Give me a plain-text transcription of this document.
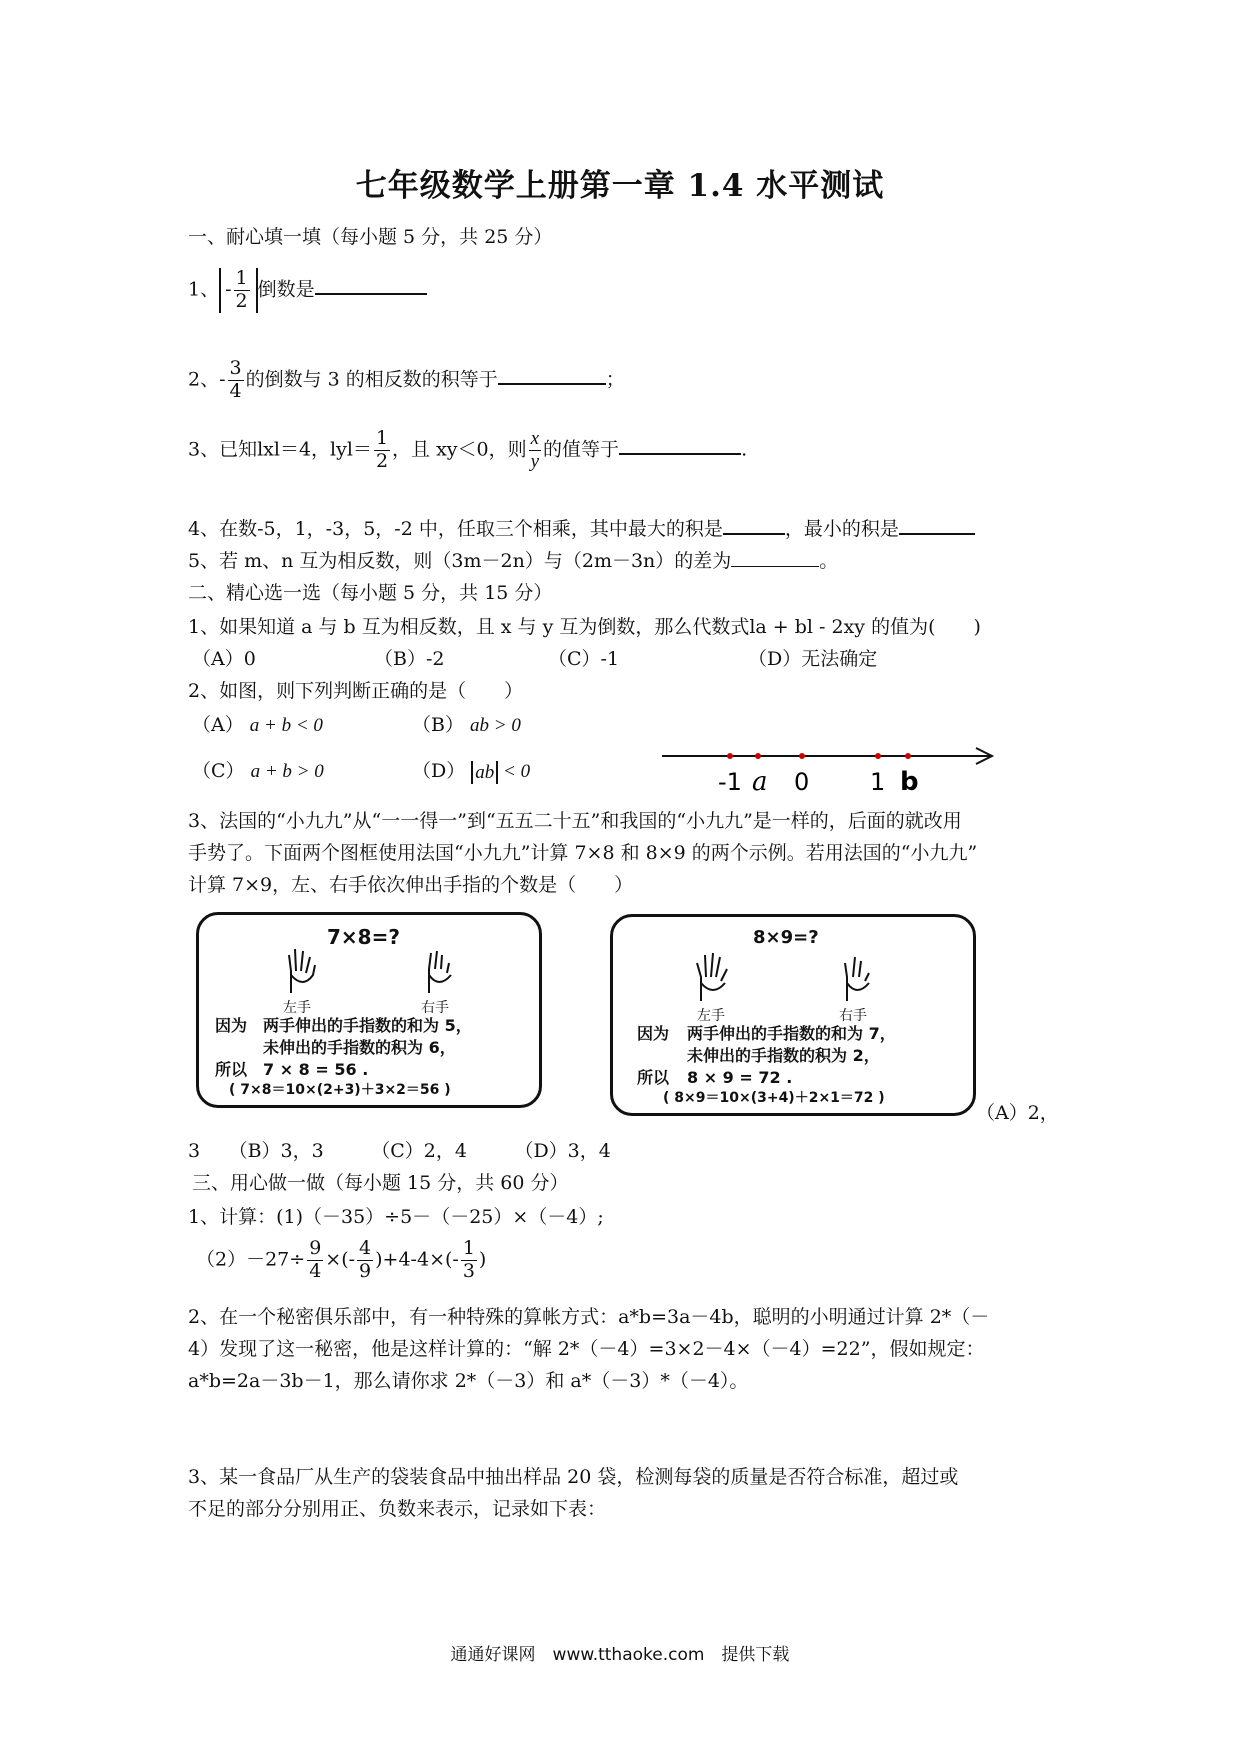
七年级数学上册第一章 1.4 水平测试
一、耐心填一填（每小题 5 分，共 25 分）
1、 - $\frac{1}{2}$ 倒数是
2、- $\frac{3}{4}$ 的倒数与 3 的相反数的积等于	；
3、已知lxl＝4，$lyl= \frac{1}{2}$ ，且 xy＜0，则 $\frac{x}{y}$ 的值等于	.
4、在数-5，1，-3，5，-2 中，任取三个相乘，其中最大的积是	，最小的积是
5、若 m、n 互为相反数，则（3m－2n）与（2m－3n）的差为	。
二、精心选一选（每小题 5 分，共 15 分）
1、如果知道 a 与 b 互为相反数，且 x 与 y 互为倒数，那么代数式la + bl - 2xy 的值为(　　)
（A）0	（B）-2	（C）-1	（D）无法确定
2、如图，则下列判断正确的是（　　）
（A） a + b < 0	（B） ab > 0
（C） a + b > 0	（D） ab < 0	-1 a 0	1 b
3、法国的“小九九”从“一一得一”到“五五二十五”和我国的“小九九”是一样的，后面的就改用
手势了。下面两个图框使用法国“小九九”计算 7×8 和 8×9 的两个示例。若用法国的“小九九”
计算 7×9，左、右手依次伸出手指的个数是（　　）
7×8=?
左手	右手
因为 两手伸出的手指数的和为 5，
未伸出的手指数的积为 6，
所以 7 × 8 = 56 .
( 7×8＝10×(2+3)＋3×2＝56 )
8×9=?
左手	右手
因为 两手伸出的手指数的和为 7，
未伸出的手指数的积为 2，
所以 8 × 9 = 72 .
( 8×9＝10×(3+4)＋2×1＝72 )
（A）2，
3　　（B）3，3　　　（C）2，4　　　（D）3，4
三、用心做一做（每小题 15 分，共 60 分）
1、计算：(1)（－35）÷5－（－25）×（－4）;
$(2)-27\div \frac{9}{4}$ ×(- $\frac{4}{9} )+4-4\times(- \frac{1}{3}$ )
2、在一个秘密俱乐部中，有一种特殊的算帐方式：a*b=3a－4b，聪明的小明通过计算 2*（－
4）发现了这一秘密，他是这样计算的：“解 2*（－4）=3×2－4×（－4）=22”，假如规定：
a*b=2a－3b－1，那么请你求 2*（－3）和 a*（－3）*（－4）。
3、某一食品厂从生产的袋装食品中抽出样品 20 袋，检测每袋的质量是否符合标准，超过或
不足的部分分别用正、负数来表示，记录如下表：
通通好课网　www.tthaoke.com　提供下载
